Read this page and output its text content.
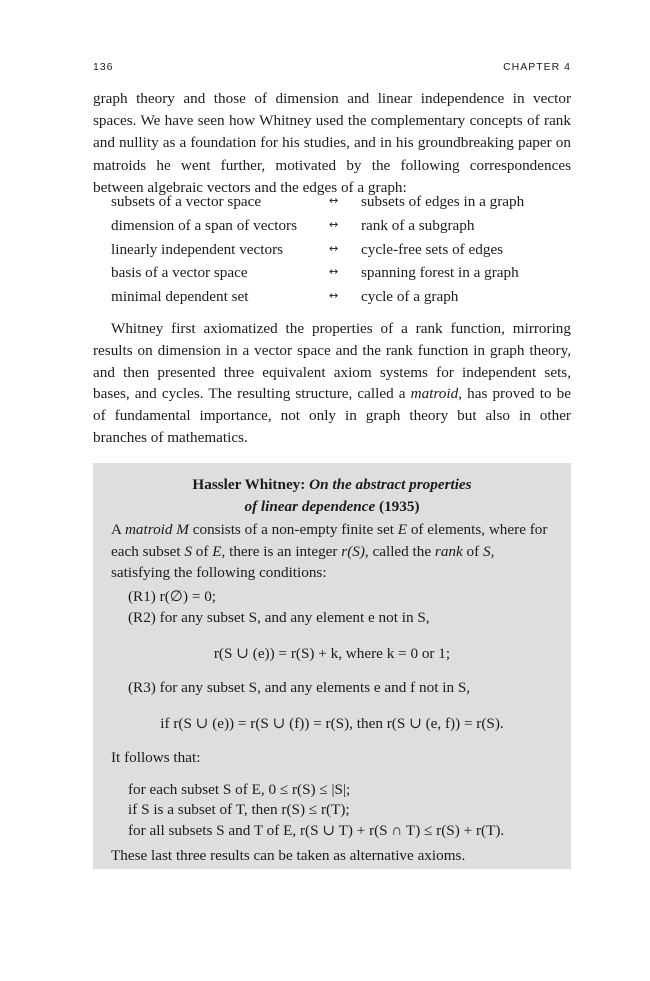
136	CHAPTER 4

graph theory and those of dimension and linear independence in vector spaces. We have seen how Whitney used the complementary concepts of rank and nullity as a foundation for his studies, and in his groundbreaking paper on matroids he went further, motivated by the following correspondences between algebraic vectors and the edges of a graph:

subsets of a vector space	↔ subsets of edges in a graph
dimension of a span of vectors	↔ rank of a subgraph
linearly independent vectors	↔ cycle-free sets of edges
basis of a vector space	↔ spanning forest in a graph
minimal dependent set	↔ cycle of a graph

Whitney first axiomatized the properties of a rank function, mirroring results on dimension in a vector space and the rank function in graph theory, and then presented three equivalent axiom systems for independent sets, bases, and cycles. The resulting structure, called a matroid, has proved to be of fundamental importance, not only in graph theory but also in other branches of mathematics.

Hassler Whitney: On the abstract properties
of linear dependence (1935)

A matroid M consists of a non-empty finite set E of elements, where for each subset S of E, there is an integer r(S), called the rank of S, satisfying the following conditions:

(R1) r(∅) = 0;
(R2) for any subset S, and any element e not in S,
r(S ∪ (e)) = r(S) + k, where k = 0 or 1;
(R3) for any subset S, and any elements e and f not in S,
if r(S ∪ (e)) = r(S ∪ (f)) = r(S), then r(S ∪ (e, f)) = r(S).
It follows that:
for each subset S of E, 0 ≤ r(S) ≤ |S|;
if S is a subset of T, then r(S) ≤ r(T);
for all subsets S and T of E, r(S ∪ T) + r(S ∩ T) ≤ r(S) + r(T).
These last three results can be taken as alternative axioms.
